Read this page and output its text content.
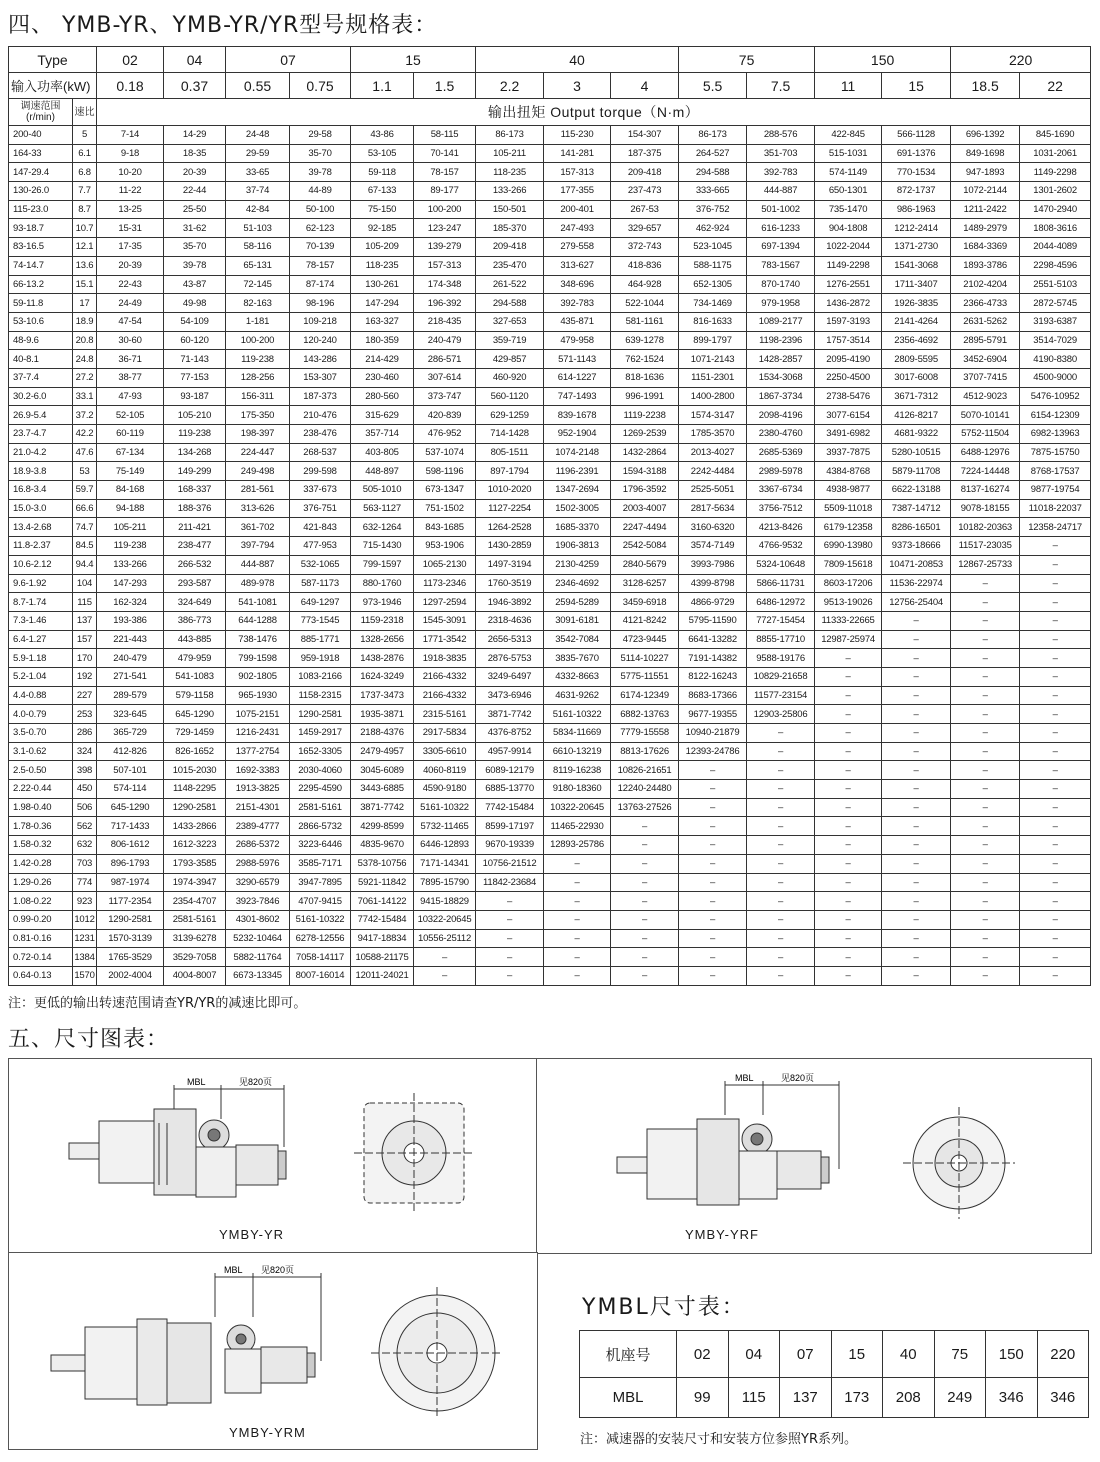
四、 YMB-YR、YMB-YR/YR型号规格表：
Type		02	04	07		15		40			75		150		220	
输入功率(kW)		0.18	0.37	0.55	0.75	1.1	1.5	2.2	3	4	5.5	7.5	11	15	18.5	22
调速范围
(r/min)	速比	输出扭矩 Output torque（N·m）														
200-40	5	7-14	14-29	24-48	29-58	43-86	58-115	86-173	115-230	154-307	86-173	288-576	422-845	566-1128	696-1392	845-1690
164-33	6.1	9-18	18-35	29-59	35-70	53-105	70-141	105-211	141-281	187-375	264-527	351-703	515-1031	691-1376	849-1698	1031-2061
147-29.4	6.8	10-20	20-39	33-65	39-78	59-118	78-157	118-235	157-313	209-418	294-588	392-783	574-1149	770-1534	947-1893	1149-2298
130-26.0	7.7	11-22	22-44	37-74	44-89	67-133	89-177	133-266	177-355	237-473	333-665	444-887	650-1301	872-1737	1072-2144	1301-2602
115-23.0	8.7	13-25	25-50	42-84	50-100	75-150	100-200	150-501	200-401	267-53	376-752	501-1002	735-1470	986-1963	1211-2422	1470-2940
93-18.7	10.7	15-31	31-62	51-103	62-123	92-185	123-247	185-370	247-493	329-657	462-924	616-1233	904-1808	1212-2414	1489-2979	1808-3616
83-16.5	12.1	17-35	35-70	58-116	70-139	105-209	139-279	209-418	279-558	372-743	523-1045	697-1394	1022-2044	1371-2730	1684-3369	2044-4089
74-14.7	13.6	20-39	39-78	65-131	78-157	118-235	157-313	235-470	313-627	418-836	588-1175	783-1567	1149-2298	1541-3068	1893-3786	2298-4596
66-13.2	15.1	22-43	43-87	72-145	87-174	130-261	174-348	261-522	348-696	464-928	652-1305	870-1740	1276-2551	1711-3407	2102-4204	2551-5103
59-11.8	17	24-49	49-98	82-163	98-196	147-294	196-392	294-588	392-783	522-1044	734-1469	979-1958	1436-2872	1926-3835	2366-4733	2872-5745
53-10.6	18.9	47-54	54-109	1-181	109-218	163-327	218-435	327-653	435-871	581-1161	816-1633	1089-2177	1597-3193	2141-4264	2631-5262	3193-6387
48-9.6	20.8	30-60	60-120	100-200	120-240	180-359	240-479	359-719	479-958	639-1278	899-1797	1198-2396	1757-3514	2356-4692	2895-5791	3514-7029
40-8.1	24.8	36-71	71-143	119-238	143-286	214-429	286-571	429-857	571-1143	762-1524	1071-2143	1428-2857	2095-4190	2809-5595	3452-6904	4190-8380
37-7.4	27.2	38-77	77-153	128-256	153-307	230-460	307-614	460-920	614-1227	818-1636	1151-2301	1534-3068	2250-4500	3017-6008	3707-7415	4500-9000
30.2-6.0	33.1	47-93	93-187	156-311	187-373	280-560	373-747	560-1120	747-1493	996-1991	1400-2800	1867-3734	2738-5476	3671-7312	4512-9023	5476-10952
26.9-5.4	37.2	52-105	105-210	175-350	210-476	315-629	420-839	629-1259	839-1678	1119-2238	1574-3147	2098-4196	3077-6154	4126-8217	5070-10141	6154-12309
23.7-4.7	42.2	60-119	119-238	198-397	238-476	357-714	476-952	714-1428	952-1904	1269-2539	1785-3570	2380-4760	3491-6982	4681-9322	5752-11504	6982-13963
21.0-4.2	47.6	67-134	134-268	224-447	268-537	403-805	537-1074	805-1511	1074-2148	1432-2864	2013-4027	2685-5369	3937-7875	5280-10515	6488-12976	7875-15750
18.9-3.8	53	75-149	149-299	249-498	299-598	448-897	598-1196	897-1794	1196-2391	1594-3188	2242-4484	2989-5978	4384-8768	5879-11708	7224-14448	8768-17537
16.8-3.4	59.7	84-168	168-337	281-561	337-673	505-1010	673-1347	1010-2020	1347-2694	1796-3592	2525-5051	3367-6734	4938-9877	6622-13188	8137-16274	9877-19754
15.0-3.0	66.6	94-188	188-376	313-626	376-751	563-1127	751-1502	1127-2254	1502-3005	2003-4007	2817-5634	3756-7512	5509-11018	7387-14712	9078-18155	11018-22037
13.4-2.68	74.7	105-211	211-421	361-702	421-843	632-1264	843-1685	1264-2528	1685-3370	2247-4494	3160-6320	4213-8426	6179-12358	8286-16501	10182-20363	12358-24717
11.8-2.37	84.5	119-238	238-477	397-794	477-953	715-1430	953-1906	1430-2859	1906-3813	2542-5084	3574-7149	4766-9532	6990-13980	9373-18666	11517-23035	–
10.6-2.12	94.4	133-266	266-532	444-887	532-1065	799-1597	1065-2130	1497-3194	2130-4259	2840-5679	3993-7986	5324-10648	7809-15618	10471-20853	12867-25733	–
9.6-1.92	104	147-293	293-587	489-978	587-1173	880-1760	1173-2346	1760-3519	2346-4692	3128-6257	4399-8798	5866-11731	8603-17206	11536-22974	–	–
8.7-1.74	115	162-324	324-649	541-1081	649-1297	973-1946	1297-2594	1946-3892	2594-5289	3459-6918	4866-9729	6486-12972	9513-19026	12756-25404	–	–
7.3-1.46	137	193-386	386-773	644-1288	773-1545	1159-2318	1545-3091	2318-4636	3091-6181	4121-8242	5795-11590	7727-15454	11333-22665	–	–	–
6.4-1.27	157	221-443	443-885	738-1476	885-1771	1328-2656	1771-3542	2656-5313	3542-7084	4723-9445	6641-13282	8855-17710	12987-25974	–	–	–
5.9-1.18	170	240-479	479-959	799-1598	959-1918	1438-2876	1918-3835	2876-5753	3835-7670	5114-10227	7191-14382	9588-19176	–	–	–	–
5.2-1.04	192	271-541	541-1083	902-1805	1083-2166	1624-3249	2166-4332	3249-6497	4332-8663	5775-11551	8122-16243	10829-21658	–	–	–	–
4.4-0.88	227	289-579	579-1158	965-1930	1158-2315	1737-3473	2166-4332	3473-6946	4631-9262	6174-12349	8683-17366	11577-23154	–	–	–	–
4.0-0.79	253	323-645	645-1290	1075-2151	1290-2581	1935-3871	2315-5161	3871-7742	5161-10322	6882-13763	9677-19355	12903-25806	–	–	–	–
3.5-0.70	286	365-729	729-1459	1216-2431	1459-2917	2188-4376	2917-5834	4376-8752	5834-11669	7779-15558	10940-21879	–	–	–	–	–
3.1-0.62	324	412-826	826-1652	1377-2754	1652-3305	2479-4957	3305-6610	4957-9914	6610-13219	8813-17626	12393-24786	–	–	–	–	–
2.5-0.50	398	507-101	1015-2030	1692-3383	2030-4060	3045-6089	4060-8119	6089-12179	8119-16238	10826-21651	–	–	–	–	–	–
2.22-0.44	450	574-114	1148-2295	1913-3825	2295-4590	3443-6885	4590-9180	6885-13770	9180-18360	12240-24480	–	–	–	–	–	–
1.98-0.40	506	645-1290	1290-2581	2151-4301	2581-5161	3871-7742	5161-10322	7742-15484	10322-20645	13763-27526	–	–	–	–	–	–
1.78-0.36	562	717-1433	1433-2866	2389-4777	2866-5732	4299-8599	5732-11465	8599-17197	11465-22930	–	–	–	–	–	–	–
1.58-0.32	632	806-1612	1612-3223	2686-5372	3223-6446	4835-9670	6446-12893	9670-19339	12893-25786	–	–	–	–	–	–	–
1.42-0.28	703	896-1793	1793-3585	2988-5976	3585-7171	5378-10756	7171-14341	10756-21512	–	–	–	–	–	–	–	–
1.29-0.26	774	987-1974	1974-3947	3290-6579	3947-7895	5921-11842	7895-15790	11842-23684	–	–	–	–	–	–	–	–
1.08-0.22	923	1177-2354	2354-4707	3923-7846	4707-9415	7061-14122	9415-18829	–	–	–	–	–	–	–	–	–
0.99-0.20	1012	1290-2581	2581-5161	4301-8602	5161-10322	7742-15484	10322-20645	–	–	–	–	–	–	–	–	–
0.81-0.16	1231	1570-3139	3139-6278	5232-10464	6278-12556	9417-18834	10556-25112	–	–	–	–	–	–	–	–	–
0.72-0.14	1384	1765-3529	3529-7058	5882-11764	7058-14117	10588-21175	–	–	–	–	–	–	–	–	–	–
0.64-0.13	1570	2002-4004	4004-8007	6673-13345	8007-16014	12011-24021	–	–	–	–	–	–	–	–	–	–
注：更低的输出转速范围请查YR/YR的减速比即可。
五、尺寸图表：
MBL	见820页
YMBY-YR
MBL	见820页
YMBY-YRF
MBL 见820页
YMBY-YRM
YMBL尺寸表：
机座号	02	04	07	15	40	75	150	220
MBL	99	115	137	173	208	249	346	346
注：减速器的安装尺寸和安装方位参照YR系列。
